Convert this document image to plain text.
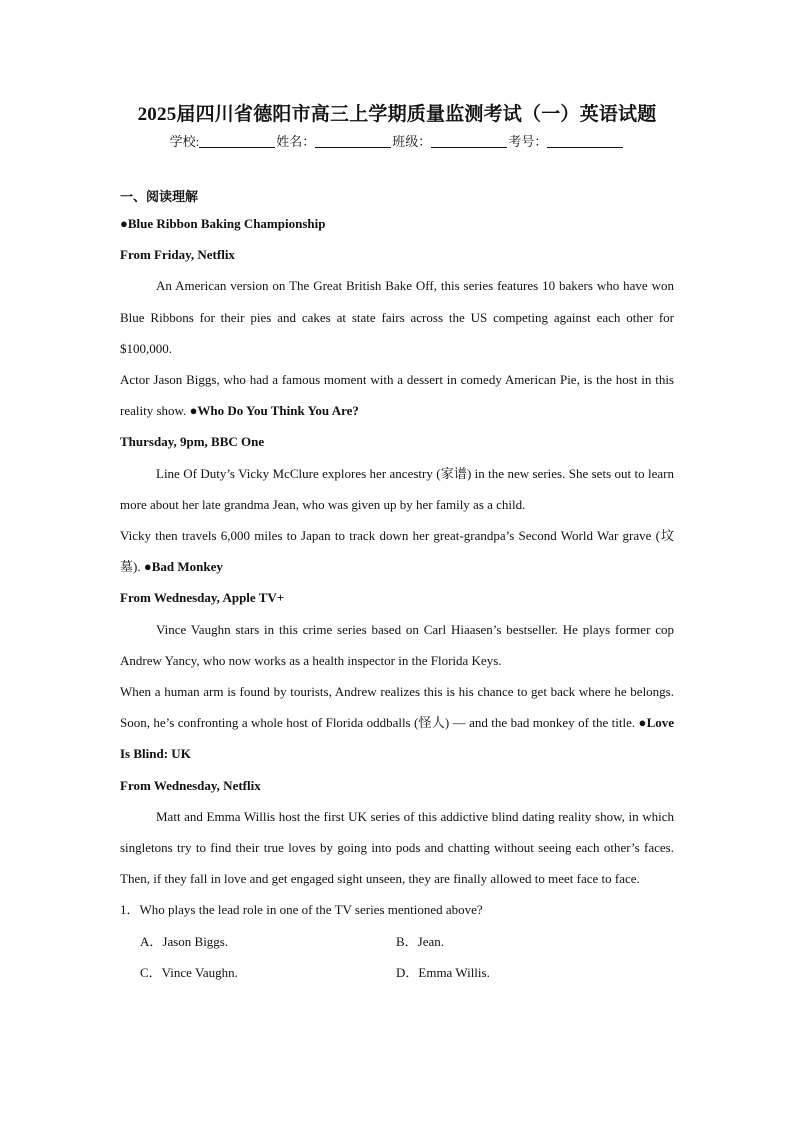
2025届四川省德阳市高三上学期质量监测考试（一）英语试题
学校:	姓名：	班级：	考号：
一、阅读理解
●Blue Ribbon Baking Championship
From Friday, Netflix

An American version on The Great British Bake Off, this series features 10 bakers who have won Blue Ribbons for their pies and cakes at state fairs across the US competing against each other for $100,000.

Actor Jason Biggs, who had a famous moment with a dessert in comedy American Pie, is the host in this reality show. ●Who Do You Think You Are?

Thursday, 9pm, BBC One

Line Of Duty’s Vicky McClure explores her ancestry (家谱) in the new series. She sets out to learn more about her late grandma Jean, who was given up by her family as a child.

Vicky then travels 6,000 miles to Japan to track down her great-grandpa’s Second World War grave (坟墓). ●Bad Monkey

From Wednesday, Apple TV+

Vince Vaughn stars in this crime series based on Carl Hiaasen’s bestseller. He plays former cop Andrew Yancy, who now works as a health inspector in the Florida Keys.

When a human arm is found by tourists, Andrew realizes this is his chance to get back where he belongs. Soon, he’s confronting a whole host of Florida oddballs (怪人) — and the bad monkey of the title. ●Love Is Blind: UK

From Wednesday, Netflix

Matt and Emma Willis host the first UK series of this addictive blind dating reality show, in which singletons try to find their true loves by going into pods and chatting without seeing each other’s faces. Then, if they fall in love and get engaged sight unseen, they are finally allowed to meet face to face.

1．Who plays the lead role in one of the TV series mentioned above?
A．Jason Biggs.	B．Jean.
C．Vince Vaughn.	D．Emma Willis.
